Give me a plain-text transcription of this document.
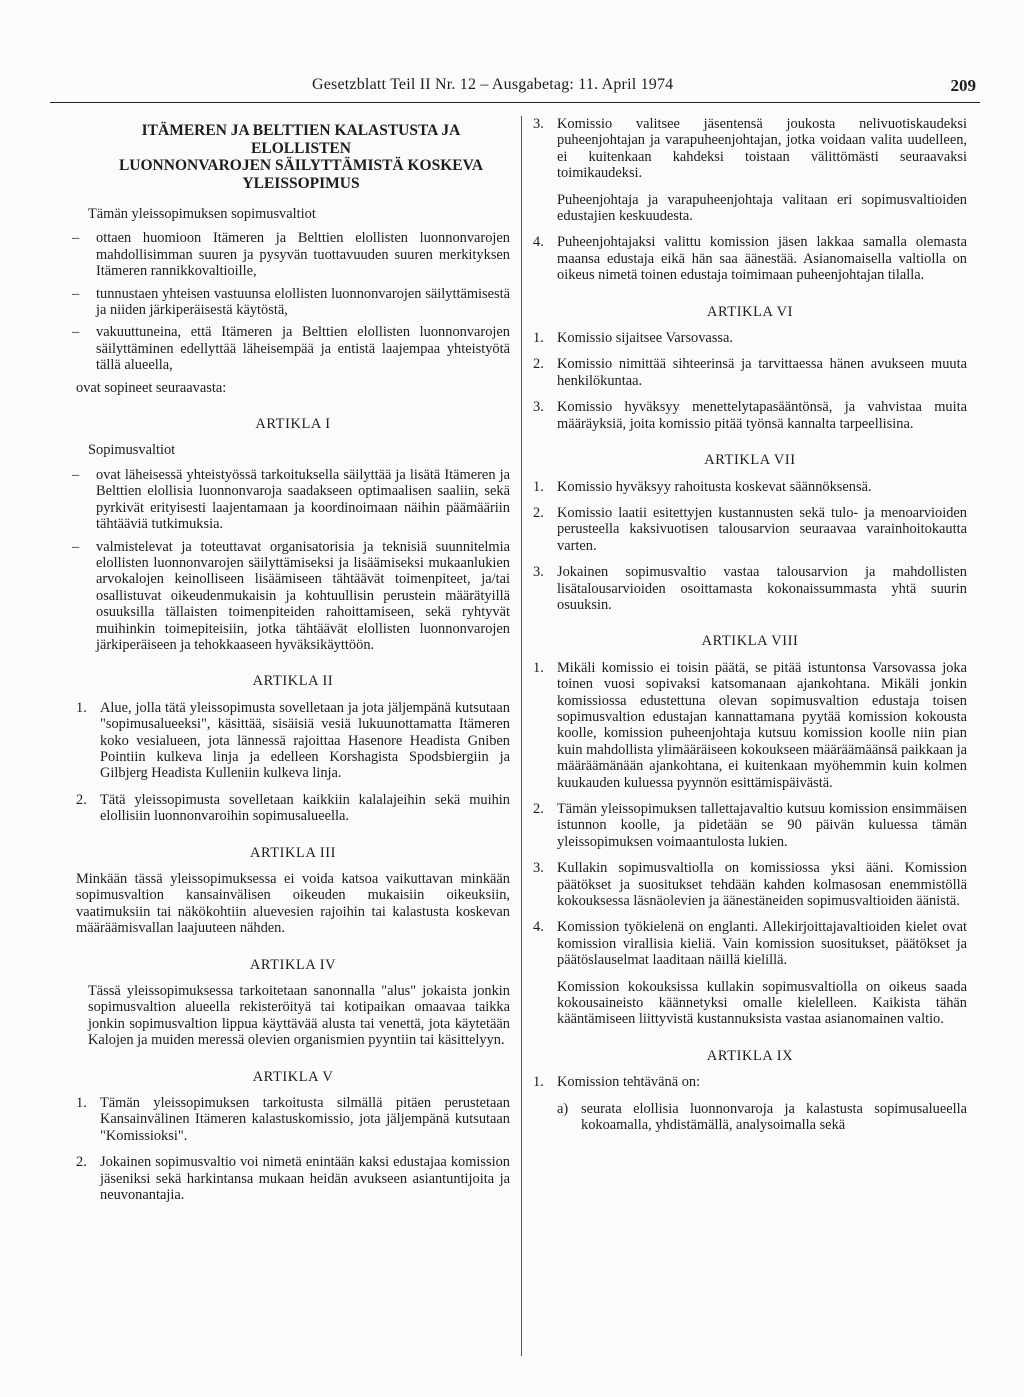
Gesetzblatt Teil II Nr. 12 – Ausgabetag: 11. April 1974	209
ITÄMEREN JA BELTTIEN KALASTUSTA JA
ELOLLISTEN
LUONNONVAROJEN SÄILYTTÄMISTÄ KOSKEVA
YLEISSOPIMUS

Tämän yleissopimuksen sopimusvaltiot

– ottaen huomioon Itämeren ja Belttien elollisten luonnonvarojen mahdollisimman suuren ja pysyvän tuottavuuden suuren merkityksen Itämeren rannikkovaltioille,
– tunnustaen yhteisen vastuunsa elollisten luonnonvarojen säilyttämisestä ja niiden järkiperäisestä käytöstä,
– vakuuttuneina, että Itämeren ja Belttien elollisten luonnonvarojen säilyttäminen edellyttää läheisempää ja entistä laajempaa yhteistyötä tällä alueella,

ovat sopineet seuraavasta:

ARTIKLA I

Sopimusvaltiot

– ovat läheisessä yhteistyössä tarkoituksella säilyttää ja lisätä Itämeren ja Belttien elollisia luonnonvaroja saadakseen optimaalisen saaliin, sekä pyrkivät erityisesti laajentamaan ja koordinoimaan näihin päämääriin tähtääviä tutkimuksia.
– valmistelevat ja toteuttavat organisatorisia ja teknisiä suunnitelmia elollisten luonnonvarojen säilyttämiseksi ja lisäämiseksi mukaanlukien arvokalojen keinolliseen lisäämiseen tähtäävät toimenpiteet, ja/tai osallistuvat oikeudenmukaisin ja kohtuullisin perustein määrätyillä osuuksilla tällaisten toimenpiteiden rahoittamiseen, sekä ryhtyvät muihinkin toimepiteisiin, jotka tähtäävät elollisten luonnonvarojen järkiperäiseen ja tehokkaaseen hyväksikäyttöön.
ARTIKLA II
1. Alue, jolla tätä yleissopimusta sovelletaan ja jota jäljempänä kutsutaan "sopimusalueeksi", käsittää, sisäisiä vesiä lukuunottamatta Itämeren koko vesialueen, jota lännessä rajoittaa Hasenore Headista Gniben Pointiin kulkeva linja ja edelleen Korshagista Spodsbiergiin ja Gilbjerg Headista Kulleniin kulkeva linja.
2. Tätä yleissopimusta sovelletaan kaikkiin kalalajeihin sekä muihin elollisiin luonnonvaroihin sopimusalueella.
ARTIKLA III

Minkään tässä yleissopimuksessa ei voida katsoa vaikuttavan minkään sopimusvaltion kansainvälisen oikeuden mukaisiin oikeuksiin, vaatimuksiin tai näkökohtiin aluevesien rajoihin tai kalastusta koskevan määräämisvallan laajuuteen nähden.

ARTIKLA IV

Tässä yleissopimuksessa tarkoitetaan sanonnalla "alus" jokaista jonkin sopimusvaltion alueella rekisteröityä tai kotipaikan omaavaa taikka jonkin sopimusvaltion lippua käyttävää alusta tai venettä, jota käytetään Kalojen ja muiden meressä olevien organismien pyyntiin tai käsittelyyn.

ARTIKLA V
1. Tämän yleissopimuksen tarkoitusta silmällä pitäen perustetaan Kansainvälinen Itämeren kalastuskomissio, jota jäljempänä kutsutaan "Komissioksi".
2. Jokainen sopimusvaltio voi nimetä enintään kaksi edustajaa komission jäseniksi sekä harkintansa mukaan heidän avukseen asiantuntijoita ja neuvonantajia.
3. Komissio valitsee jäsentensä joukosta nelivuotiskaudeksi puheenjohtajan ja varapuheenjohtajan, jotka voidaan valita uudelleen, ei kuitenkaan kahdeksi toistaan välittömästi seuraavaksi toimikaudeksi.
Puheenjohtaja ja varapuheenjohtaja valitaan eri sopimusvaltioiden edustajien keskuudesta.
4. Puheenjohtajaksi valittu komission jäsen lakkaa samalla olemasta maansa edustaja eikä hän saa äänestää. Asianomaisella valtiolla on oikeus nimetä toinen edustaja toimimaan puheenjohtajan tilalla.
ARTIKLA VI
1. Komissio sijaitsee Varsovassa.
2. Komissio nimittää sihteerinsä ja tarvittaessa hänen avukseen muuta henkilökuntaa.
3. Komissio hyväksyy menettelytapasääntönsä, ja vahvistaa muita määräyksiä, joita komissio pitää työnsä kannalta tarpeellisina.
ARTIKLA VII
1. Komissio hyväksyy rahoitusta koskevat säännöksensä.
2. Komissio laatii esitettyjen kustannusten sekä tulo- ja menoarvioiden perusteella kaksivuotisen talousarvion seuraavaa varainhoitokautta varten.
3. Jokainen sopimusvaltio vastaa talousarvion ja mahdollisten lisätalousarvioiden osoittamasta kokonaissummasta yhtä suurin osuuksin.
ARTIKLA VIII
1. Mikäli komissio ei toisin päätä, se pitää istuntonsa Varsovassa joka toinen vuosi sopivaksi katsomanaan ajankohtana. Mikäli jonkin komissiossa edustettuna olevan sopimusvaltion edustaja toisen sopimusvaltion edustajan kannattamana pyytää komission kokousta koolle, komission puheenjohtaja kutsuu komission koolle niin pian kuin mahdollista ylimääräiseen kokoukseen määräämäänsä paikkaan ja määräämänään ajankohtana, ei kuitenkaan myöhemmin kuin kolmen kuukauden kuluessa pyynnön esittämispäivästä.
2. Tämän yleissopimuksen tallettajavaltio kutsuu komission ensimmäisen istunnon koolle, ja pidetään se 90 päivän kuluessa tämän yleissopimuksen voimaantulosta lukien.
3. Kullakin sopimusvaltiolla on komissiossa yksi ääni. Komission päätökset ja suositukset tehdään kahden kolmasosan enemmistöllä kokouksessa läsnäolevien ja äänestäneiden sopimusvaltioiden äänistä.
4. Komission työkielenä on englanti. Allekirjoittajavaltioiden kielet ovat komission virallisia kieliä. Vain komission suositukset, päätökset ja päätöslauselmat laaditaan näillä kielillä.
Komission kokouksissa kullakin sopimusvaltiolla on oikeus saada kokousaineisto käännetyksi omalle kielelleen. Kaikista tähän kääntämiseen liittyvistä kustannuksista vastaa asianomainen valtio.
ARTIKLA IX
1. Komission tehtävänä on:
a) seurata elollisia luonnonvaroja ja kalastusta sopimusalueella kokoamalla, yhdistämällä, analysoimalla sekä
